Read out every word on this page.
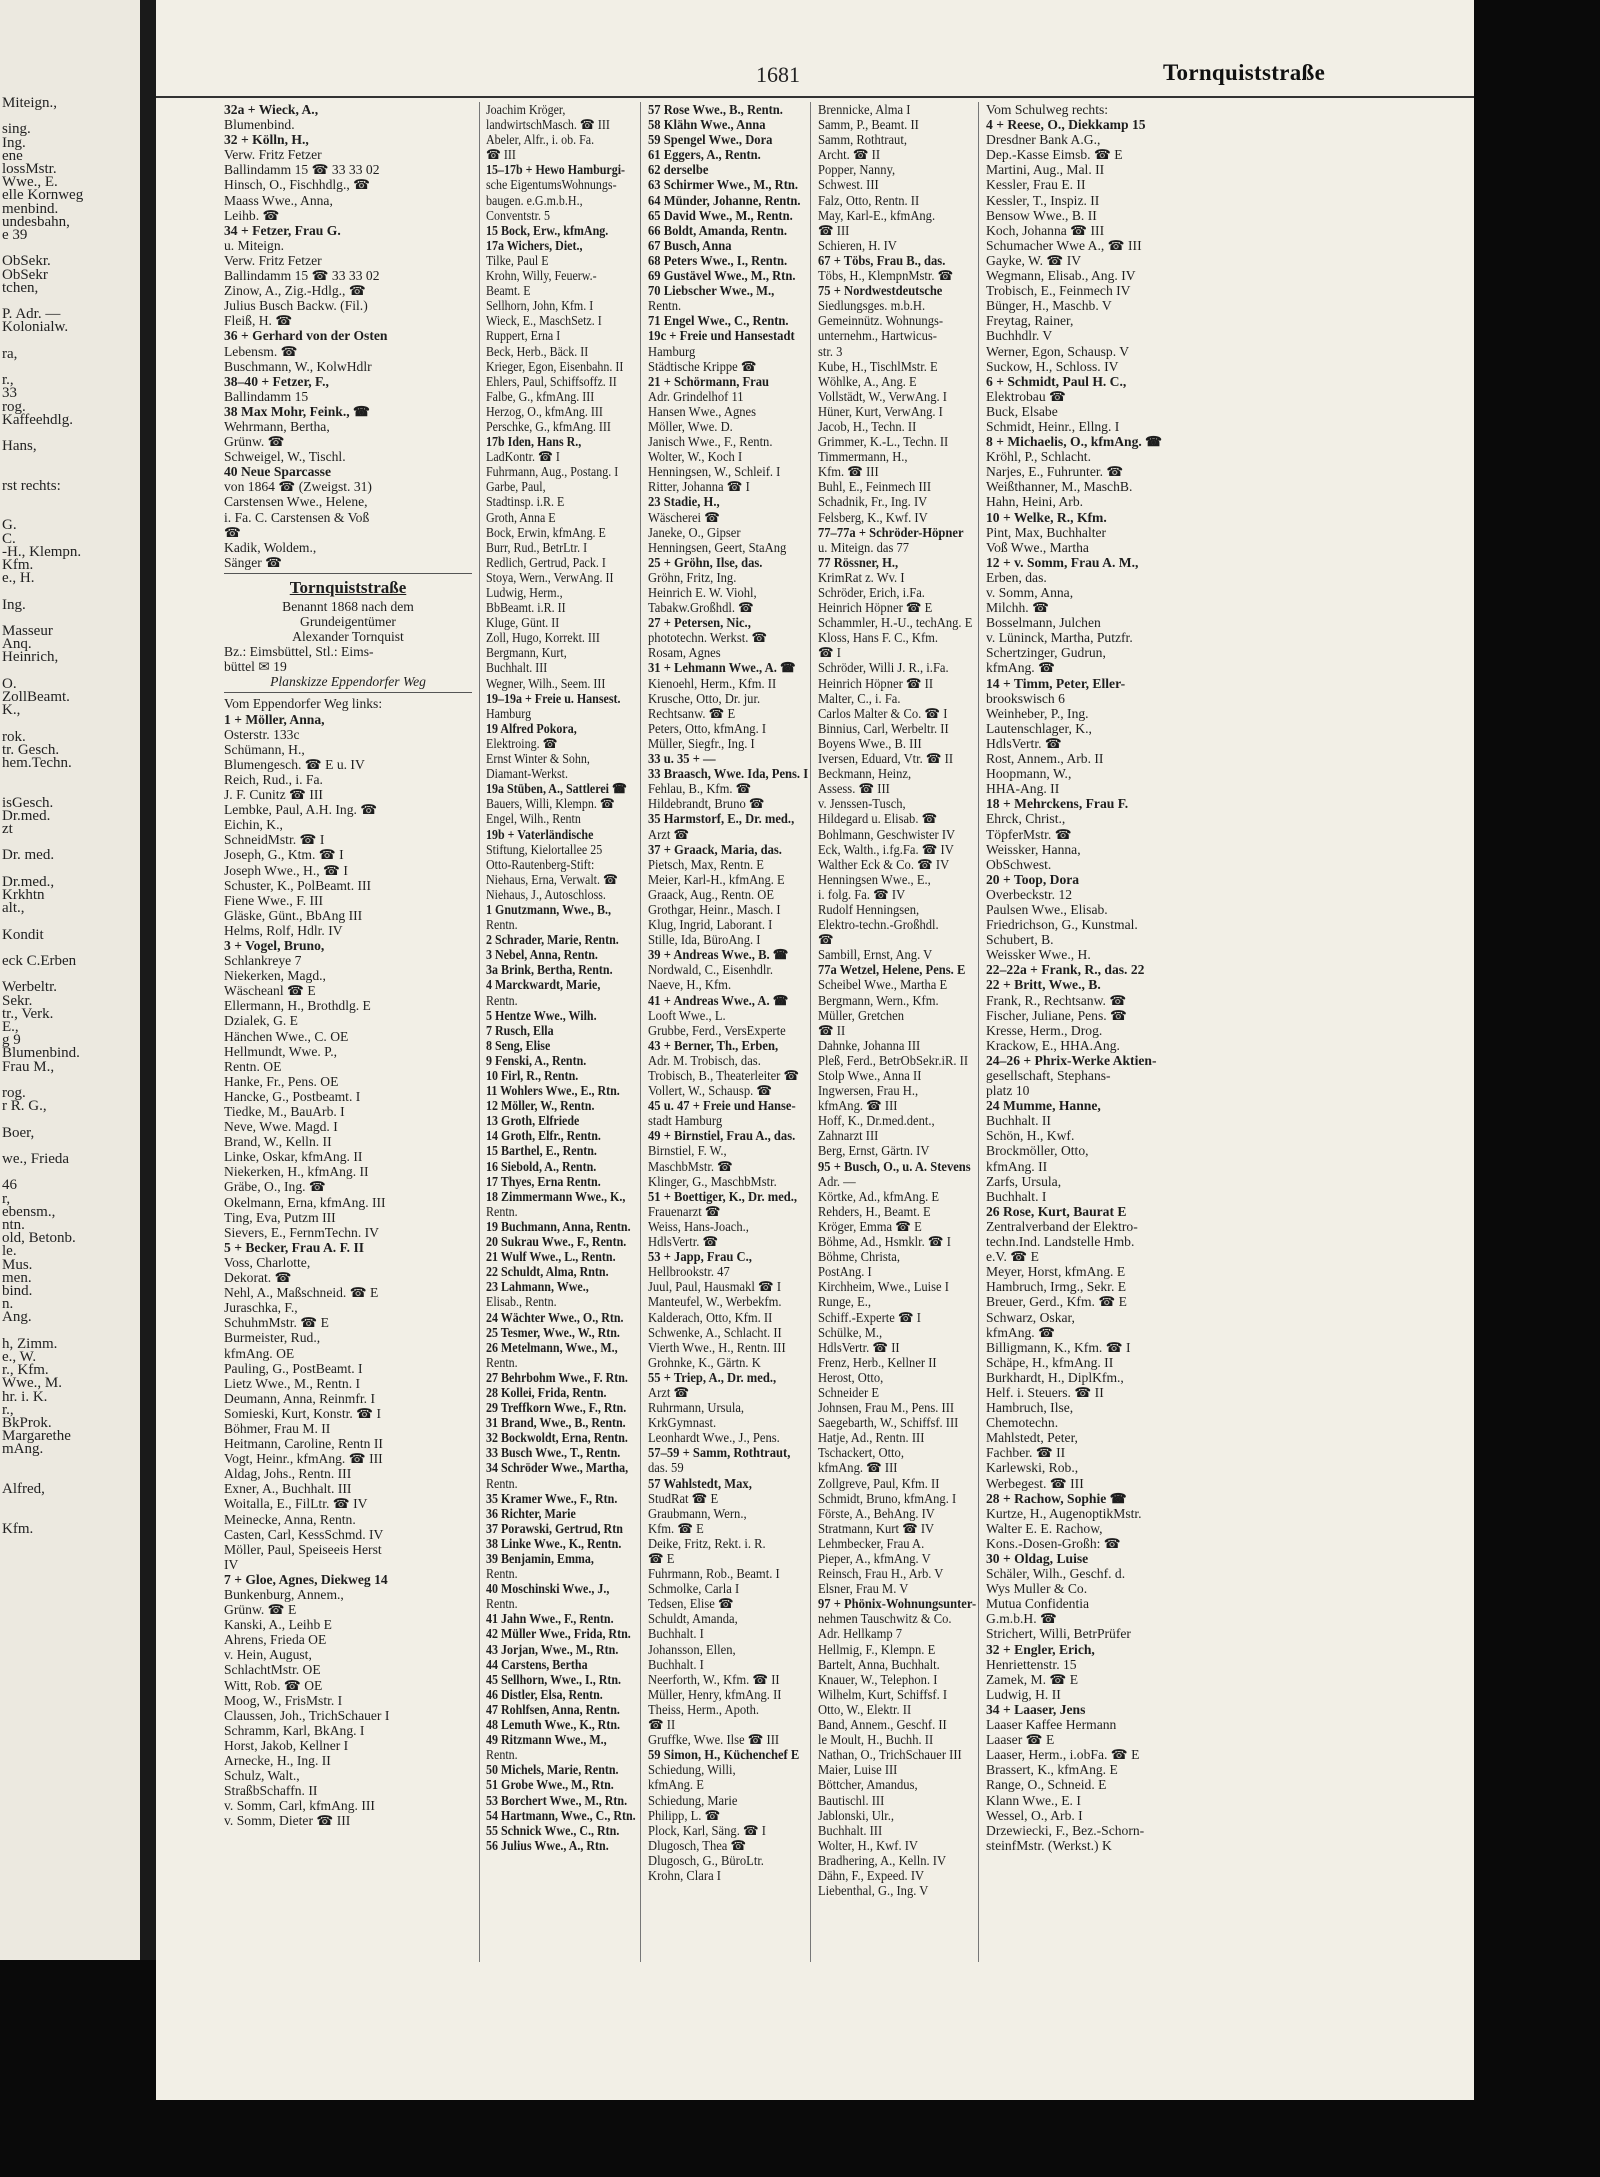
Miteign.,
sing.
Ing.
ene
lossMstr.
Wwe., E.
elle Kornweg
menbind.
undesbahn,
e 39
ObSekr.
ObSekr
tchen,
P. Adr. —
Kolonialw.
ra,
r.,
33
rog.
Kaffeehdlg.
Hans,
rst rechts:
G.
C.
-H., Klempn.
Kfm.
e., H.
Ing.
Masseur
Anq.
Heinrich,
O.
ZollBeamt.
K.,
rok.
tr. Gesch.
hem.Techn.
isGesch.
Dr.med.
zt
Dr. med.
Dr.med.,
Krkhtn
alt.,
Kondit
eck C.Erben
Werbeltr.
Sekr.
tr., Verk.
E.,
g 9
Blumenbind.
Frau M.,
rog.
r R. G.,
Boer,
we., Frieda
46
r,
ebensm.,
ntn.
old, Betonb.
le.
Mus.
men.
bind.
n.
Ang.
h, Zimm.
e., W.
r., Kfm.
Wwe., M.
hr. i. K.
r.,
BkProk.
Margarethe
mAng.
Alfred,
Kfm.
1681	Tornquiststraße
32a + Wieck, A.,
Blumenbind.
32 + Kölln, H.,
Verw. Fritz Fetzer
Ballindamm 15 ☎ 33 33 02
Hinsch, O., Fischhdlg., ☎
Maass Wwe., Anna,
Leihb. ☎
34 + Fetzer, Frau G.
u. Miteign.
Verw. Fritz Fetzer
Ballindamm 15 ☎ 33 33 02
Zinow, A., Zig.-Hdlg., ☎
Julius Busch Backw. (Fil.)
Fleiß, H. ☎
36 + Gerhard von der Osten
Lebensm. ☎
Buschmann, W., KolwHdlr
38–40 + Fetzer, F.,
Ballindamm 15
38 Max Mohr, Feink., ☎
Wehrmann, Bertha,
Grünw. ☎
Schweigel, W., Tischl.
40 Neue Sparcasse
von 1864 ☎ (Zweigst. 31)
Carstensen Wwe., Helene,
i. Fa. C. Carstensen & Voß
☎
Kadik, Woldem.,
Sänger ☎
Tornquiststraße
Benannt 1868 nach dem
Grundeigentümer
Alexander Tornquist
Bz.: Eimsbüttel, Stl.: Eims-
büttel ✉ 19
Planskizze Eppendorfer Weg
Vom Eppendorfer Weg links:
1 + Möller, Anna,
Osterstr. 133c
Schümann, H.,
Blumengesch. ☎ E u. IV
Reich, Rud., i. Fa.
J. F. Cunitz ☎ III
Lembke, Paul, A.H. Ing. ☎
Eichin, K.,
SchneidMstr. ☎ I
Joseph, G., Ktm. ☎ I
Joseph Wwe., H., ☎ I
Schuster, K., PolBeamt. III
Fiene Wwe., F. III
Gläske, Günt., BbAng III
Helms, Rolf, Hdlr. IV
3 + Vogel, Bruno,
Schlankreye 7
Niekerken, Magd.,
Wäscheanl ☎ E
Ellermann, H., Brothdlg. E
Dzialek, G. E
Hänchen Wwe., C. OE
Hellmundt, Wwe. P.,
Rentn. OE
Hanke, Fr., Pens. OE
Hancke, G., Postbeamt. I
Tiedke, M., BauArb. I
Neve, Wwe. Magd. I
Brand, W., Kelln. II
Linke, Oskar, kfmAng. II
Niekerken, H., kfmAng. II
Gräbe, O., Ing. ☎
Okelmann, Erna, kfmAng. III
Ting, Eva, Putzm III
Sievers, E., FernmTechn. IV
5 + Becker, Frau A. F. II
Voss, Charlotte,
Dekorat. ☎
Nehl, A., Maßschneid. ☎ E
Juraschka, F.,
SchuhmMstr. ☎ E
Burmeister, Rud.,
kfmAng. OE
Pauling, G., PostBeamt. I
Lietz Wwe., M., Rentn. I
Deumann, Anna, Reinmfr. I
Somieski, Kurt, Konstr. ☎ I
Böhmer, Frau M. II
Heitmann, Caroline, Rentn II
Vogt, Heinr., kfmAng. ☎ III
Aldag, Johs., Rentn. III
Exner, A., Buchhalt. III
Woitalla, E., FilLtr. ☎ IV
Meinecke, Anna, Rentn.
Casten, Carl, KessSchmd. IV
Möller, Paul, Speiseeis Herst
IV
7 + Gloe, Agnes, Diekweg 14
Bunkenburg, Annem.,
Grünw. ☎ E
Kanski, A., Leihb E
Ahrens, Frieda OE
v. Hein, August,
SchlachtMstr. OE
Witt, Rob. ☎ OE
Moog, W., FrisMstr. I
Claussen, Joh., TrichSchauer I
Schramm, Karl, BkAng. I
Horst, Jakob, Kellner I
Arnecke, H., Ing. II
Schulz, Walt.,
StraßbSchaffn. II
v. Somm, Carl, kfmAng. III
v. Somm, Dieter ☎ III
Joachim Kröger,
landwirtschMasch. ☎ III
Abeler, Alfr., i. ob. Fa.
☎ III
15–17b + Hewo Hamburgi-
sche EigentumsWohnungs-
baugen. e.G.m.b.H.,
Conventstr. 5
15 Bock, Erw., kfmAng.
17a Wichers, Diet.,
Tilke, Paul E
Krohn, Willy, Feuerw.-
Beamt. E
Sellhorn, John, Kfm. I
Wieck, E., MaschSetz. I
Ruppert, Erna I
Beck, Herb., Bäck. II
Krieger, Egon, Eisenbahn. II
Ehlers, Paul, Schiffsoffz. II
Falbe, G., kfmAng. III
Herzog, O., kfmAng. III
Perschke, G., kfmAng. III
17b Iden, Hans R.,
LadKontr. ☎ I
Fuhrmann, Aug., Postang. I
Garbe, Paul,
Stadtinsp. i.R. E
Groth, Anna E
Bock, Erwin, kfmAng. E
Burr, Rud., BetrLtr. I
Redlich, Gertrud, Pack. I
Stoya, Wern., VerwAng. II
Ludwig, Herm.,
BbBeamt. i.R. II
Kluge, Günt. II
Zoll, Hugo, Korrekt. III
Bergmann, Kurt,
Buchhalt. III
Wegner, Wilh., Seem. III
19–19a + Freie u. Hansest.
Hamburg
19 Alfred Pokora,
Elektroing. ☎
Ernst Winter & Sohn,
Diamant-Werkst.
19a Stüben, A., Sattlerei ☎
Bauers, Willi, Klempn. ☎
Engel, Wilh., Rentn
19b + Vaterländische
Stiftung, Kielortallee 25
Otto-Rautenberg-Stift:
Niehaus, Erna, Verwalt. ☎
Niehaus, J., Autoschloss.
1 Gnutzmann, Wwe., B.,
Rentn.
2 Schrader, Marie, Rentn.
3 Nebel, Anna, Rentn.
3a Brink, Bertha, Rentn.
4 Marckwardt, Marie,
Rentn.
5 Hentze Wwe., Wilh.
7 Rusch, Ella
8 Seng, Elise
9 Fenski, A., Rentn.
10 Firl, R., Rentn.
11 Wohlers Wwe., E., Rtn.
12 Möller, W., Rentn.
13 Groth, Elfriede
14 Groth, Elfr., Rentn.
15 Barthel, E., Rentn.
16 Siebold, A., Rentn.
17 Thyes, Erna Rentn.
18 Zimmermann Wwe., K.,
Rentn.
19 Buchmann, Anna, Rentn.
20 Sukrau Wwe., F., Rentn.
21 Wulf Wwe., L., Rentn.
22 Schuldt, Alma, Rntn.
23 Lahmann, Wwe.,
Elisab., Rentn.
24 Wächter Wwe., O., Rtn.
25 Tesmer, Wwe., W., Rtn.
26 Metelmann, Wwe., M.,
Rentn.
27 Behrbohm Wwe., F. Rtn.
28 Kollei, Frida, Rentn.
29 Treffkorn Wwe., F., Rtn.
31 Brand, Wwe., B., Rentn.
32 Bockwoldt, Erna, Rentn.
33 Busch Wwe., T., Rentn.
34 Schröder Wwe., Martha,
Rentn.
35 Kramer Wwe., F., Rtn.
36 Richter, Marie
37 Porawski, Gertrud, Rtn
38 Linke Wwe., K., Rentn.
39 Benjamin, Emma,
Rentn.
40 Moschinski Wwe., J.,
Rentn.
41 Jahn Wwe., F., Rentn.
42 Müller Wwe., Frida, Rtn.
43 Jorjan, Wwe., M., Rtn.
44 Carstens, Bertha
45 Sellhorn, Wwe., I., Rtn.
46 Distler, Elsa, Rentn.
47 Rohlfsen, Anna, Rentn.
48 Lemuth Wwe., K., Rtn.
49 Ritzmann Wwe., M.,
Rentn.
50 Michels, Marie, Rentn.
51 Grobe Wwe., M., Rtn.
53 Borchert Wwe., M., Rtn.
54 Hartmann, Wwe., C., Rtn.
55 Schnick Wwe., C., Rtn.
56 Julius Wwe., A., Rtn.
57 Rose Wwe., B., Rentn.
58 Klähn Wwe., Anna
59 Spengel Wwe., Dora
61 Eggers, A., Rentn.
62 derselbe
63 Schirmer Wwe., M., Rtn.
64 Münder, Johanne, Rentn.
65 David Wwe., M., Rentn.
66 Boldt, Amanda, Rentn.
67 Busch, Anna
68 Peters Wwe., I., Rentn.
69 Gustävel Wwe., M., Rtn.
70 Liebscher Wwe., M.,
Rentn.
71 Engel Wwe., C., Rentn.
19c + Freie und Hansestadt
Hamburg
Städtische Krippe ☎
21 + Schörmann, Frau
Adr. Grindelhof 11
Hansen Wwe., Agnes
Möller, Wwe. D.
Janisch Wwe., F., Rentn.
Wolter, W., Koch I
Henningsen, W., Schleif. I
Ritter, Johanna ☎ I
23 Stadie, H.,
Wäscherei ☎
Janeke, O., Gipser
Henningsen, Geert, StaAng
25 + Gröhn, Ilse, das.
Gröhn, Fritz, Ing.
Heinrich E. W. Viohl,
Tabakw.Großhdl. ☎
27 + Petersen, Nic.,
phototechn. Werkst. ☎
Rosam, Agnes
31 + Lehmann Wwe., A. ☎
Kienoehl, Herm., Kfm. II
Krusche, Otto, Dr. jur.
Rechtsanw. ☎ E
Peters, Otto, kfmAng. I
Müller, Siegfr., Ing. I
33 u. 35 + —
33 Braasch, Wwe. Ida, Pens. I
Fehlau, B., Kfm. ☎
Hildebrandt, Bruno ☎
35 Harmstorf, E., Dr. med.,
Arzt ☎
37 + Graack, Maria, das.
Pietsch, Max, Rentn. E
Meier, Karl-H., kfmAng. E
Graack, Aug., Rentn. OE
Grothgar, Heinr., Masch. I
Klug, Ingrid, Laborant. I
Stille, Ida, BüroAng. I
39 + Andreas Wwe., B. ☎
Nordwald, C., Eisenhdlr.
Naeve, H., Kfm.
41 + Andreas Wwe., A. ☎
Looft Wwe., L.
Grubbe, Ferd., VersExperte
43 + Berner, Th., Erben,
Adr. M. Trobisch, das.
Trobisch, B., Theaterleiter ☎
Vollert, W., Schausp. ☎
45 u. 47 + Freie und Hanse-
stadt Hamburg
49 + Birnstiel, Frau A., das.
Birnstiel, F. W.,
MaschbMstr. ☎
Klinger, G., MaschbMstr.
51 + Boettiger, K., Dr. med.,
Frauenarzt ☎
Weiss, Hans-Joach.,
HdlsVertr. ☎
53 + Japp, Frau C.,
Hellbrookstr. 47
Juul, Paul, Hausmakl ☎ I
Manteufel, W., Werbekfm.
Kalderach, Otto, Kfm. II
Schwenke, A., Schlacht. II
Vierth Wwe., H., Rentn. III
Grohnke, K., Gärtn. K
55 + Triep, A., Dr. med.,
Arzt ☎
Ruhrmann, Ursula,
KrkGymnast.
Leonhardt Wwe., J., Pens.
57–59 + Samm, Rothtraut,
das. 59
57 Wahlstedt, Max,
StudRat ☎ E
Graubmann, Wern.,
Kfm. ☎ E
Deike, Fritz, Rekt. i. R.
☎ E
Fuhrmann, Rob., Beamt. I
Schmolke, Carla I
Tedsen, Elise ☎
Schuldt, Amanda,
Buchhalt. I
Johansson, Ellen,
Buchhalt. I
Neerforth, W., Kfm. ☎ II
Müller, Henry, kfmAng. II
Theiss, Herm., Apoth.
☎ II
Gruffke, Wwe. Ilse ☎ III
59 Simon, H., Küchenchef E
Schiedung, Willi,
kfmAng. E
Schiedung, Marie
Philipp, L. ☎
Plock, Karl, Säng. ☎ I
Dlugosch, Thea ☎
Dlugosch, G., BüroLtr.
Krohn, Clara I
Brennicke, Alma I
Samm, P., Beamt. II
Samm, Rothtraut,
Archt. ☎ II
Popper, Nanny,
Schwest. III
Falz, Otto, Rentn. II
May, Karl-E., kfmAng.
☎ III
Schieren, H. IV
67 + Töbs, Frau B., das.
Töbs, H., KlempnMstr. ☎
75 + Nordwestdeutsche
Siedlungsges. m.b.H.
Gemeinnütz. Wohnungs-
unternehm., Hartwicus-
str. 3
Kube, H., TischlMstr. E
Wöhlke, A., Ang. E
Vollstädt, W., VerwAng. I
Hüner, Kurt, VerwAng. I
Jacob, H., Techn. II
Grimmer, K.-L., Techn. II
Timmermann, H.,
Kfm. ☎ III
Buhl, E., Feinmech III
Schadnik, Fr., Ing. IV
Felsberg, K., Kwf. IV
77–77a + Schröder-Höpner
u. Miteign. das 77
77 Rössner, H.,
KrimRat z. Wv. I
Schröder, Erich, i.Fa.
Heinrich Höpner ☎ E
Schammler, H.-U., techAng. E
Kloss, Hans F. C., Kfm.
☎ I
Schröder, Willi J. R., i.Fa.
Heinrich Höpner ☎ II
Malter, C., i. Fa.
Carlos Malter & Co. ☎ I
Binnius, Carl, Werbeltr. II
Boyens Wwe., B. III
Iversen, Eduard, Vtr. ☎ II
Beckmann, Heinz,
Assess. ☎ III
v. Jenssen-Tusch,
Hildegard u. Elisab. ☎
Bohlmann, Geschwister IV
Eck, Walth., i.fg.Fa. ☎ IV
Walther Eck & Co. ☎ IV
Henningsen Wwe., E.,
i. folg. Fa. ☎ IV
Rudolf Henningsen,
Elektro-techn.-Großhdl.
☎
Sambill, Ernst, Ang. V
77a Wetzel, Helene, Pens. E
Scheibel Wwe., Martha E
Bergmann, Wern., Kfm.
Müller, Gretchen
☎ II
Dahnke, Johanna III
Pleß, Ferd., BetrObSekr.iR. II
Stolp Wwe., Anna II
Ingwersen, Frau H.,
kfmAng. ☎ III
Hoff, K., Dr.med.dent.,
Zahnarzt III
Berg, Ernst, Gärtn. IV
95 + Busch, O., u. A. Stevens
Adr. —
Körtke, Ad., kfmAng. E
Rehders, H., Beamt. E
Kröger, Emma ☎ E
Böhme, Ad., Hsmklr. ☎ I
Böhme, Christa,
PostAng. I
Kirchheim, Wwe., Luise I
Runge, E.,
Schiff.-Experte ☎ I
Schülke, M.,
HdlsVertr. ☎ II
Frenz, Herb., Kellner II
Herost, Otto,
Schneider E
Johnsen, Frau M., Pens. III
Saegebarth, W., Schiffsf. III
Hatje, Ad., Rentn. III
Tschackert, Otto,
kfmAng. ☎ III
Zollgreve, Paul, Kfm. II
Schmidt, Bruno, kfmAng. I
Förste, A., BehAng. IV
Stratmann, Kurt ☎ IV
Lehmbecker, Frau A.
Pieper, A., kfmAng. V
Reinsch, Frau H., Arb. V
Elsner, Frau M. V
97 + Phönix-Wohnungsunter-
nehmen Tauschwitz & Co.
Adr. Hellkamp 7
Hellmig, F., Klempn. E
Bartelt, Anna, Buchhalt.
Knauer, W., Telephon. I
Wilhelm, Kurt, Schiffsf. I
Otto, W., Elektr. II
Band, Annem., Geschf. II
le Moult, H., Buchh. II
Nathan, O., TrichSchauer III
Maier, Luise III
Böttcher, Amandus,
Bautischl. III
Jablonski, Ulr.,
Buchhalt. III
Wolter, H., Kwf. IV
Bradhering, A., Kelln. IV
Dähn, F., Expeed. IV
Liebenthal, G., Ing. V
Vom Schulweg rechts:
4 + Reese, O., Diekkamp 15
Dresdner Bank A.G.,
Dep.-Kasse Eimsb. ☎ E
Martini, Aug., Mal. II
Kessler, Frau E. II
Kessler, T., Inspiz. II
Bensow Wwe., B. II
Koch, Johanna ☎ III
Schumacher Wwe A., ☎ III
Gayke, W. ☎ IV
Wegmann, Elisab., Ang. IV
Trobisch, E., Feinmech IV
Bünger, H., Maschb. V
Freytag, Rainer,
Buchhdlr. V
Werner, Egon, Schausp. V
Suckow, H., Schloss. IV
6 + Schmidt, Paul H. C.,
Elektrobau ☎
Buck, Elsabe
Schmidt, Heinr., Ellng. I
8 + Michaelis, O., kfmAng. ☎
Kröhl, P., Schlacht.
Narjes, E., Fuhrunter. ☎
Weißthanner, M., MaschB.
Hahn, Heini, Arb.
10 + Welke, R., Kfm.
Pint, Max, Buchhalter
Voß Wwe., Martha
12 + v. Somm, Frau A. M.,
Erben, das.
v. Somm, Anna,
Milchh. ☎
Bosselmann, Julchen
v. Lüninck, Martha, Putzfr.
Schertzinger, Gudrun,
kfmAng. ☎
14 + Timm, Peter, Eller-
brookswisch 6
Weinheber, P., Ing.
Lautenschlager, K.,
HdlsVertr. ☎
Rost, Annem., Arb. II
Hoopmann, W.,
HHA-Ang. II
18 + Mehrckens, Frau F.
Ehrck, Christ.,
TöpferMstr. ☎
Weissker, Hanna,
ObSchwest.
20 + Toop, Dora
Overbeckstr. 12
Paulsen Wwe., Elisab.
Friedrichson, G., Kunstmal.
Schubert, B.
Weissker Wwe., H.
22–22a + Frank, R., das. 22
22 + Britt, Wwe., B.
Frank, R., Rechtsanw. ☎
Fischer, Juliane, Pens. ☎
Kresse, Herm., Drog.
Krackow, E., HHA.Ang.
24–26 + Phrix-Werke Aktien-
gesellschaft, Stephans-
platz 10
24 Mumme, Hanne,
Buchhalt. II
Schön, H., Kwf.
Brockmöller, Otto,
kfmAng. II
Zarfs, Ursula,
Buchhalt. I
26 Rose, Kurt, Baurat E
Zentralverband der Elektro-
techn.Ind. Landstelle Hmb.
e.V. ☎ E
Meyer, Horst, kfmAng. E
Hambruch, Irmg., Sekr. E
Breuer, Gerd., Kfm. ☎ E
Schwarz, Oskar,
kfmAng. ☎
Billigmann, K., Kfm. ☎ I
Schäpe, H., kfmAng. II
Burkhardt, H., DiplKfm.,
Helf. i. Steuers. ☎ II
Hambruch, Ilse,
Chemotechn.
Mahlstedt, Peter,
Fachber. ☎ II
Karlewski, Rob.,
Werbegest. ☎ III
28 + Rachow, Sophie ☎
Kurtze, H., AugenoptikMstr.
Walter E. E. Rachow,
Kons.-Dosen-Großh: ☎
30 + Oldag, Luise
Schäler, Wilh., Geschf. d.
Wys Muller & Co.
Mutua Confidentia
G.m.b.H. ☎
Strichert, Willi, BetrPrüfer
32 + Engler, Erich,
Henriettenstr. 15
Zamek, M. ☎ E
Ludwig, H. II
34 + Laaser, Jens
Laaser Kaffee Hermann
Laaser ☎ E
Laaser, Herm., i.obFa. ☎ E
Brassert, K., kfmAng. E
Range, O., Schneid. E
Klann Wwe., E. I
Wessel, O., Arb. I
Drzewiecki, F., Bez.-Schorn-
steinfMstr. (Werkst.) K
